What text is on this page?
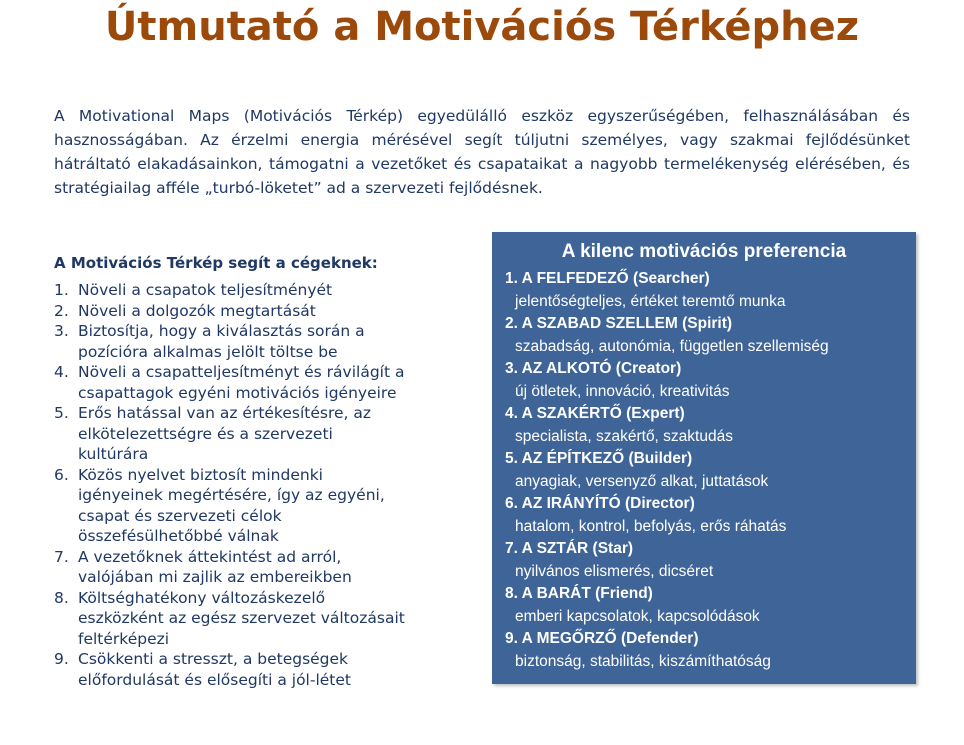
Útmutató a Motivációs Térképhez

A Motivational Maps (Motivációs Térkép) egyedülálló eszköz egyszerűségében, felhasználásában és hasznosságában. Az érzelmi energia mérésével segít túljutni személyes, vagy szakmai fejlődésünket hátráltató elakadásainkon, támogatni a vezetőket és csapataikat a nagyobb termelékenység elérésében, és stratégiailag afféle „turbó-löketet” ad a szervezeti fejlődésnek.

A Motivációs Térkép segít a cégeknek:
1. Növeli a csapatok teljesítményét
2. Növeli a dolgozók megtartását
3. Biztosítja, hogy a kiválasztás során a
pozícióra alkalmas jelölt töltse be
4. Növeli a csapatteljesítményt és rávilágít a
csapattagok egyéni motivációs igényeire
5. Erős hatással van az értékesítésre, az
elkötelezettségre és a szervezeti
kultúrára
6. Közös nyelvet biztosít mindenki
igényeinek megértésére, így az egyéni,
csapat és szervezeti célok
összefésülhetőbbé válnak
7. A vezetőknek áttekintést ad arról,
valójában mi zajlik az embereikben
8. Költséghatékony változáskezelő
eszközként az egész szervezet változásait
feltérképezi
9. Csökkenti a stresszt, a betegségek
előfordulását és elősegíti a jól-létet
A kilenc motivációs preferencia
1. A FELFEDEZŐ (Searcher)
jelentőségteljes, értéket teremtő munka
2. A SZABAD SZELLEM (Spirit)
szabadság, autonómia, független szellemiség
3. AZ ALKOTÓ (Creator)
új ötletek, innováció, kreativitás
4. A SZAKÉRTŐ (Expert)
specialista, szakértő, szaktudás
5. AZ ÉPÍTKEZŐ (Builder)
anyagiak, versenyző alkat, juttatások
6. AZ IRÁNYÍTÓ (Director)
hatalom, kontrol, befolyás, erős ráhatás
7. A SZTÁR (Star)
nyilvános elismerés, dicséret
8. A BARÁT (Friend)
emberi kapcsolatok, kapcsolódások
9. A MEGŐRZŐ (Defender)
biztonság, stabilitás, kiszámíthatóság
